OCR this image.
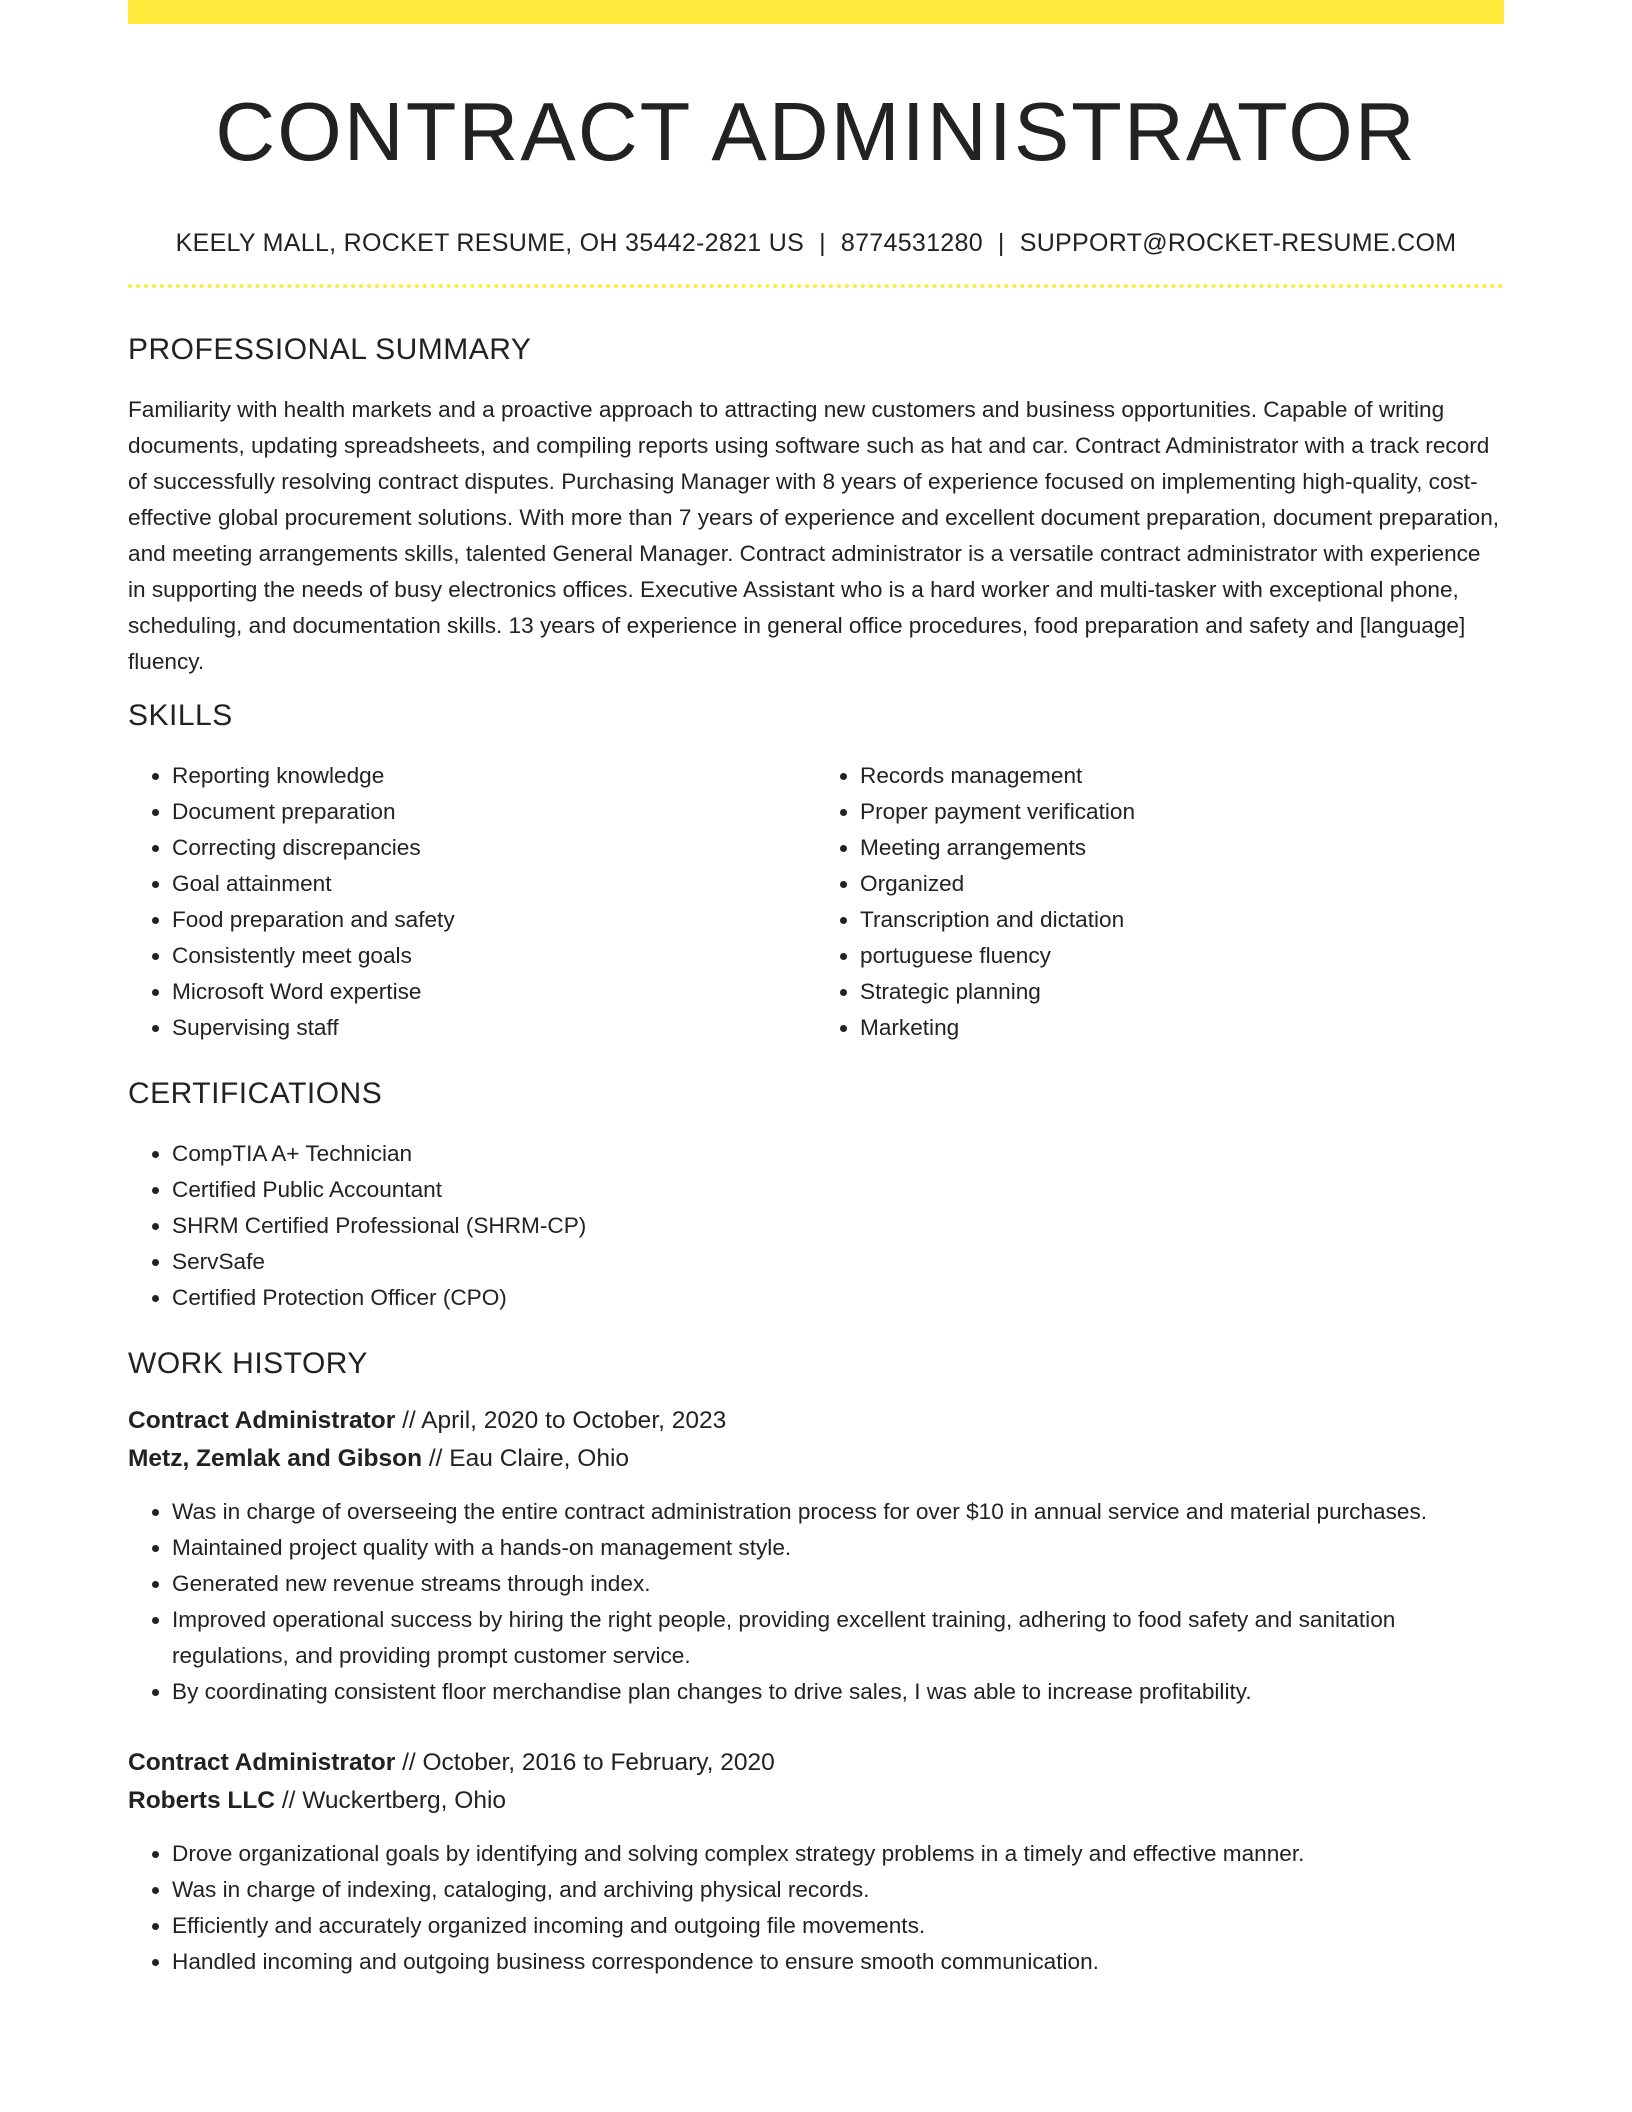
CONTRACT ADMINISTRATOR
KEELY MALL, ROCKET RESUME, OH 35442-2821 US | 8774531280 | SUPPORT@ROCKET-RESUME.COM
PROFESSIONAL SUMMARY

Familiarity with health markets and a proactive approach to attracting new customers and business opportunities. Capable of writing documents, updating spreadsheets, and compiling reports using software such as hat and car. Contract Administrator with a track record of successfully resolving contract disputes. Purchasing Manager with 8 years of experience focused on implementing high-quality, cost-effective global procurement solutions. With more than 7 years of experience and excellent document preparation, document preparation, and meeting arrangements skills, talented General Manager. Contract administrator is a versatile contract administrator with experience in supporting the needs of busy electronics offices. Executive Assistant who is a hard worker and multi-tasker with exceptional phone, scheduling, and documentation skills. 13 years of experience in general office procedures, food preparation and safety and [language] fluency.

SKILLS
• Reporting knowledge
• Document preparation
• Correcting discrepancies
• Goal attainment
• Food preparation and safety
• Consistently meet goals
• Microsoft Word expertise
• Supervising staff
• Records management
• Proper payment verification
• Meeting arrangements
• Organized
• Transcription and dictation
• portuguese fluency
• Strategic planning
• Marketing
CERTIFICATIONS
• CompTIA A+ Technician
• Certified Public Accountant
• SHRM Certified Professional (SHRM-CP)
• ServSafe
• Certified Protection Officer (CPO)
WORK HISTORY
Contract Administrator // April, 2020 to October, 2023
Metz, Zemlak and Gibson // Eau Claire, Ohio
• Was in charge of overseeing the entire contract administration process for over $10 in annual service and material purchases.
• Maintained project quality with a hands-on management style.
• Generated new revenue streams through index.
• Improved operational success by hiring the right people, providing excellent training, adhering to food safety and sanitation regulations, and providing prompt customer service.
• By coordinating consistent floor merchandise plan changes to drive sales, I was able to increase profitability.
Contract Administrator // October, 2016 to February, 2020
Roberts LLC // Wuckertberg, Ohio
• Drove organizational goals by identifying and solving complex strategy problems in a timely and effective manner.
• Was in charge of indexing, cataloging, and archiving physical records.
• Efficiently and accurately organized incoming and outgoing file movements.
• Handled incoming and outgoing business correspondence to ensure smooth communication.
